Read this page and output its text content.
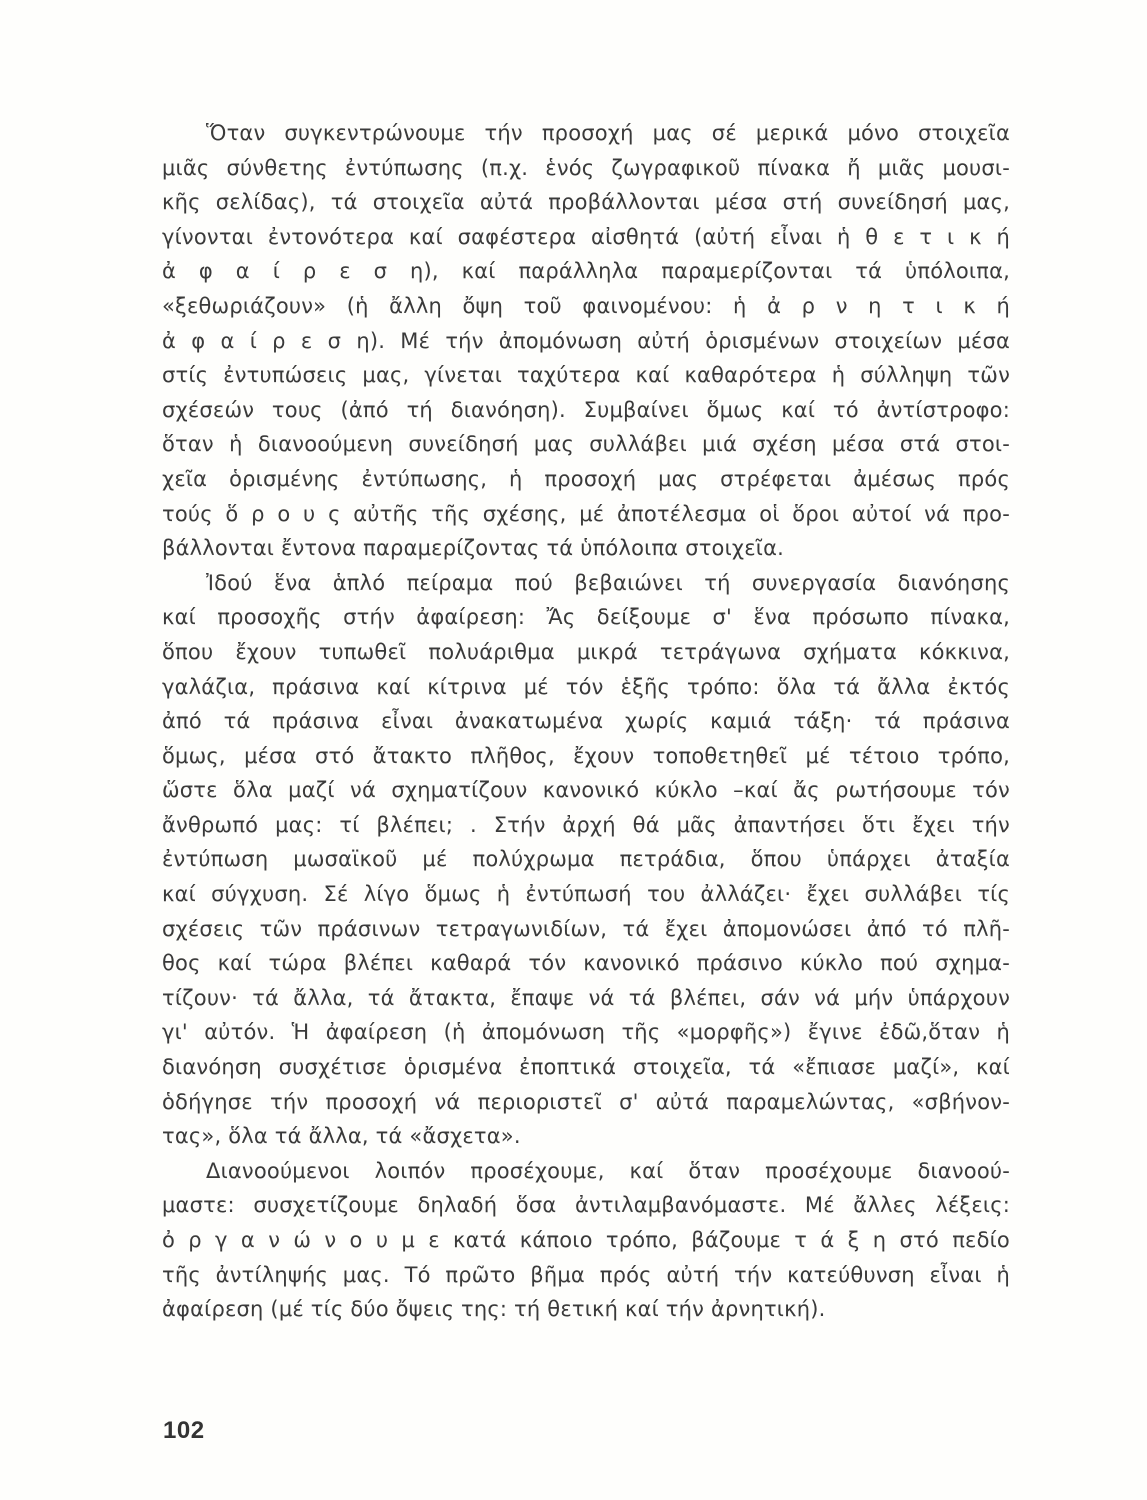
Ὅταν συγκεντρώνουμε τήν προσοχή μας σέ μερικά μόνο στοιχεῖα
μιᾶς σύνθετης ἐντύπωσης (π.χ. ἑνός ζωγραφικοῦ πίνακα ἤ μιᾶς μουσι-
κῆς σελίδας), τά στοιχεῖα αὐτά προβάλλονται μέσα στή συνείδησή μας,
γίνονται ἐντονότερα καί σαφέστερα αἰσθητά (αὐτή εἶναι ἡ θ ε τ ι κ ή
ἀ φ α ί ρ ε σ η), καί παράλληλα παραμερίζονται τά ὑπόλοιπα,
«ξεθωριάζουν» (ἡ ἄλλη ὄψη τοῦ φαινομένου: ἡ ἀ ρ ν η τ ι κ ή
ἀ φ α ί ρ ε σ η). Μέ τήν ἀπομόνωση αὐτή ὁρισμένων στοιχείων μέσα
στίς ἐντυπώσεις μας, γίνεται ταχύτερα καί καθαρότερα ἡ σύλληψη τῶν
σχέσεών τους (ἀπό τή διανόηση). Συμβαίνει ὅμως καί τό ἀντίστροφο:
ὅταν ἡ διανοούμενη συνείδησή μας συλλάβει μιά σχέση μέσα στά στοι-
χεῖα ὁρισμένης ἐντύπωσης, ἡ προσοχή μας στρέφεται ἀμέσως πρός
τούς ὅ ρ ο υ ς αὐτῆς τῆς σχέσης, μέ ἀποτέλεσμα οἱ ὅροι αὐτοί νά προ-
βάλλονται ἔντονα παραμερίζοντας τά ὑπόλοιπα στοιχεῖα.
Ἰδού ἕνα ἁπλό πείραμα πού βεβαιώνει τή συνεργασία διανόησης
καί προσοχῆς στήν ἀφαίρεση: Ἄς δείξουμε σ' ἕνα πρόσωπο πίνακα,
ὅπου ἔχουν τυπωθεῖ πολυάριθμα μικρά τετράγωνα σχήματα κόκκινα,
γαλάζια, πράσινα καί κίτρινα μέ τόν ἑξῆς τρόπο: ὅλα τά ἄλλα ἐκτός
ἀπό τά πράσινα εἶναι ἀνακατωμένα χωρίς καμιά τάξη· τά πράσινα
ὅμως, μέσα στό ἄτακτο πλῆθος, ἔχουν τοποθετηθεῖ μέ τέτοιο τρόπο,
ὥστε ὅλα μαζί νά σχηματίζουν κανονικό κύκλο –καί ἄς ρωτήσουμε τόν
ἄνθρωπό μας: τί βλέπει; . Στήν ἀρχή θά μᾶς ἀπαντήσει ὅτι ἔχει τήν
ἐντύπωση μωσαϊκοῦ μέ πολύχρωμα πετράδια, ὅπου ὑπάρχει ἀταξία
καί σύγχυση. Σέ λίγο ὅμως ἡ ἐντύπωσή του ἀλλάζει· ἔχει συλλάβει τίς
σχέσεις τῶν πράσινων τετραγωνιδίων, τά ἔχει ἀπομονώσει ἀπό τό πλῆ-
θος καί τώρα βλέπει καθαρά τόν κανονικό πράσινο κύκλο πού σχημα-
τίζουν· τά ἄλλα, τά ἄτακτα, ἔπαψε νά τά βλέπει, σάν νά μήν ὑπάρχουν
γι' αὐτόν. Ἡ ἀφαίρεση (ἡ ἀπομόνωση τῆς «μορφῆς») ἔγινε ἐδῶ,ὅταν ἡ
διανόηση συσχέτισε ὁρισμένα ἐποπτικά στοιχεῖα, τά «ἔπιασε μαζί», καί
ὁδήγησε τήν προσοχή νά περιοριστεῖ σ' αὐτά παραμελώντας, «σβήνον-
τας», ὅλα τά ἄλλα, τά «ἄσχετα».
Διανοούμενοι λοιπόν προσέχουμε, καί ὅταν προσέχουμε διανοού-
μαστε: συσχετίζουμε δηλαδή ὅσα ἀντιλαμβανόμαστε. Μέ ἄλλες λέξεις:
ὀ ρ γ α ν ώ ν ο υ μ ε κατά κάποιο τρόπο, βάζουμε τ ά ξ η στό πεδίο
τῆς ἀντίληψής μας. Τό πρῶτο βῆμα πρός αὐτή τήν κατεύθυνση εἶναι ἡ
ἀφαίρεση (μέ τίς δύο ὄψεις της: τή θετική καί τήν ἀρνητική).
102
